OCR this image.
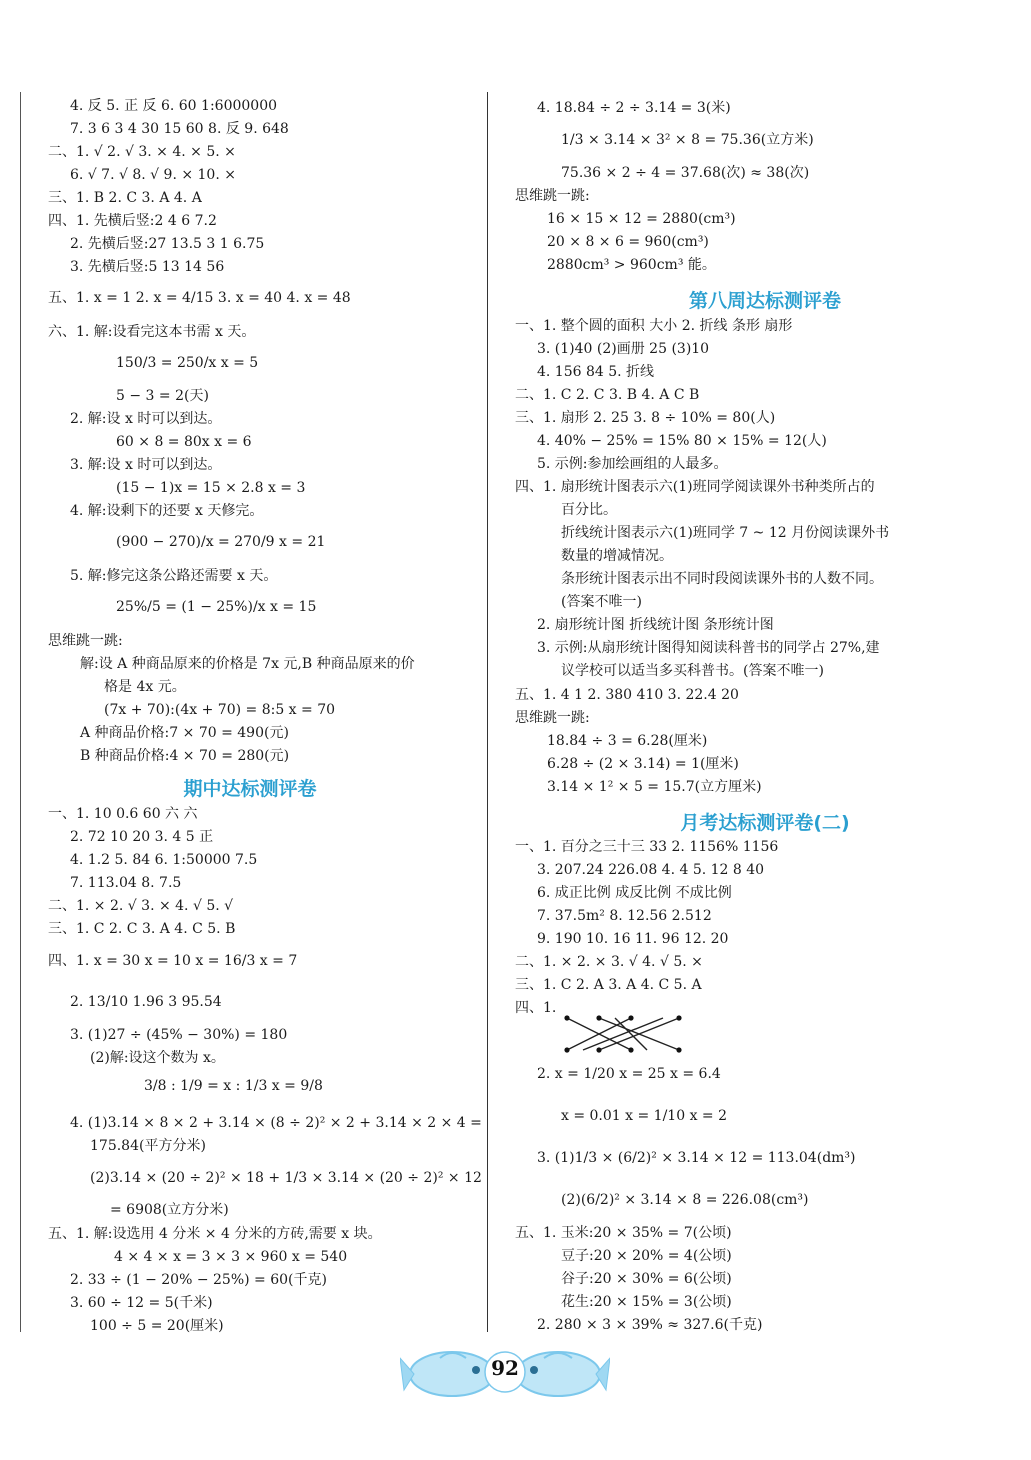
4. 反 5. 正 反 6. 60 1:6000000
7. 3 6 3 4 30 15 60 8. 反 9. 648
二、1. √ 2. √ 3. × 4. × 5. ×
6. √ 7. √ 8. √ 9. × 10. ×
三、1. B 2. C 3. A 4. A
四、1. 先横后竖:2 4 6 7.2
2. 先横后竖:27 13.5 3 1 6.75
3. 先横后竖:5 13 14 56
五、1. x = 1 2. x = 4/15 3. x = 40 4. x = 48
六、1. 解:设看完这本书需 x 天。
150/3 = 250/x x = 5
5 − 3 = 2(天)
2. 解:设 x 时可以到达。
60 × 8 = 80x x = 6
3. 解:设 x 时可以到达。
(15 − 1)x = 15 × 2.8 x = 3
4. 解:设剩下的还要 x 天修完。
(900 − 270)/x = 270/9 x = 21
5. 解:修完这条公路还需要 x 天。
25%/5 = (1 − 25%)/x x = 15
思维跳一跳:
解:设 A 种商品原来的价格是 7x 元,B 种商品原来的价
格是 4x 元。
(7x + 70):(4x + 70) = 8:5 x = 70
A 种商品价格:7 × 70 = 490(元)
B 种商品价格:4 × 70 = 280(元)
期中达标测评卷
一、1. 10 0.6 60 六 六
2. 72 10 20 3. 4 5 正
4. 1.2 5. 84 6. 1:50000 7.5
7. 113.04 8. 7.5
二、1. × 2. √ 3. × 4. √ 5. √
三、1. C 2. C 3. A 4. C 5. B
四、1. x = 30 x = 10 x = 16/3 x = 7
2. 13/10 1.96 3 95.54
3. (1)27 ÷ (45% − 30%) = 180
(2)解:设这个数为 x。
3/8 : 1/9 = x : 1/3 x = 9/8
4. (1)3.14 × 8 × 2 + 3.14 × (8 ÷ 2)² × 2 + 3.14 × 2 × 4 =
175.84(平方分米)
(2)3.14 × (20 ÷ 2)² × 18 + 1/3 × 3.14 × (20 ÷ 2)² × 12
= 6908(立方分米)
五、1. 解:设选用 4 分米 × 4 分米的方砖,需要 x 块。
4 × 4 × x = 3 × 3 × 960 x = 540
2. 33 ÷ (1 − 20% − 25%) = 60(千克)
3. 60 ÷ 12 = 5(千米)
100 ÷ 5 = 20(厘米)
4. 18.84 ÷ 2 ÷ 3.14 = 3(米)
1/3 × 3.14 × 3² × 8 = 75.36(立方米)
75.36 × 2 ÷ 4 = 37.68(次) ≈ 38(次)
思维跳一跳:
16 × 15 × 12 = 2880(cm³)
20 × 8 × 6 = 960(cm³)
2880cm³ > 960cm³ 能。
第八周达标测评卷
一、1. 整个圆的面积 大小 2. 折线 条形 扇形
3. (1)40 (2)画册 25 (3)10
4. 156 84 5. 折线
二、1. C 2. C 3. B 4. A C B
三、1. 扇形 2. 25 3. 8 ÷ 10% = 80(人)
4. 40% − 25% = 15% 80 × 15% = 12(人)
5. 示例:参加绘画组的人最多。
四、1. 扇形统计图表示六(1)班同学阅读课外书种类所占的
百分比。
折线统计图表示六(1)班同学 7 ~ 12 月份阅读课外书
数量的增减情况。
条形统计图表示出不同时段阅读课外书的人数不同。
(答案不唯一)
2. 扇形统计图 折线统计图 条形统计图
3. 示例:从扇形统计图得知阅读科普书的同学占 27%,建
议学校可以适当多买科普书。(答案不唯一)
五、1. 4 1 2. 380 410 3. 22.4 20
思维跳一跳:
18.84 ÷ 3 = 6.28(厘米)
6.28 ÷ (2 × 3.14) = 1(厘米)
3.14 × 1² × 5 = 15.7(立方厘米)
月考达标测评卷(二)
一、1. 百分之三十三 33 2. 1156% 1156
3. 207.24 226.08 4. 4 5. 12 8 40
6. 成正比例 成反比例 不成比例
7. 37.5m² 8. 12.56 2.512
9. 190 10. 16 11. 96 12. 20
二、1. × 2. × 3. √ 4. √ 5. ×
三、1. C 2. A 3. A 4. C 5. A
四、1.
2. x = 1/20 x = 25 x = 6.4
x = 0.01 x = 1/10 x = 2
3. (1)1/3 × (6/2)² × 3.14 × 12 = 113.04(dm³)
(2)(6/2)² × 3.14 × 8 = 226.08(cm³)
五、1. 玉米:20 × 35% = 7(公顷)
豆子:20 × 20% = 4(公顷)
谷子:20 × 30% = 6(公顷)
花生:20 × 15% = 3(公顷)
2. 280 × 3 × 39% ≈ 327.6(千克)
92
